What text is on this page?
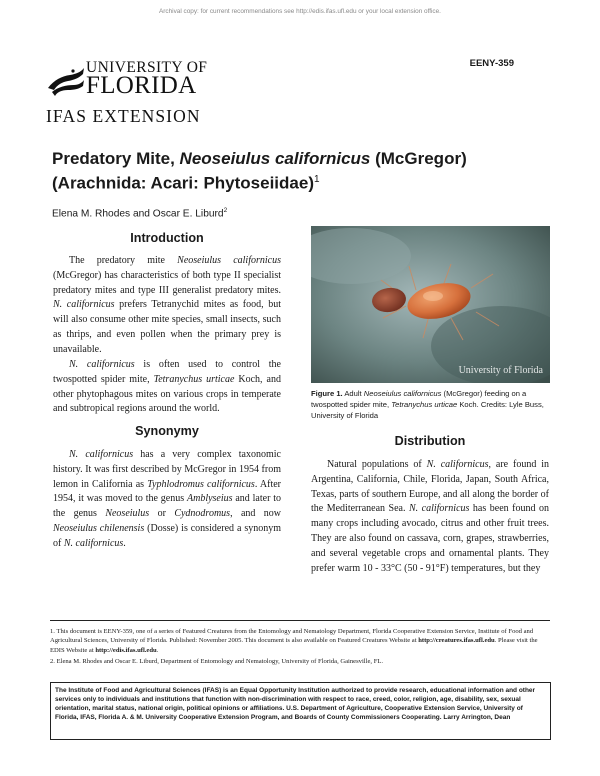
Archival copy: for current recommendations see http://edis.ifas.ufl.edu or your local extension office.
UNIVERSITY OF
FLORIDA
IFAS EXTENSION
EENY-359
Predatory Mite, Neoseiulus californicus (McGregor)
(Arachnida: Acari: Phytoseiidae)$^1$
Elena M. Rhodes and Oscar E. Liburd$^2$
Introduction

The predatory mite Neoseiulus californicus (McGregor) has characteristics of both type II specialist predatory mites and type III generalist predatory mites. N. californicus prefers Tetranychid mites as food, but will also consume other mite species, small insects, such as thrips, and even pollen when the primary prey is unavailable.

N. californicus is often used to control the twospotted spider mite, Tetranychus urticae Koch, and other phytophagous mites on various crops in temperate and subtropical regions around the world.

Synonymy

N. californicus has a very complex taxonomic history. It was first described by McGregor in 1954 from lemon in California as Typhlodromus californicus. After 1954, it was moved to the genus Amblyseius and later to the genus Neoseiulus or Cydnodromus, and now Neoseiulus chilenensis (Dosse) is considered a synonym of N. californicus.

University of Florida
Figure 1. Adult Neoseiulus californicus (McGregor) feeding on a twospotted spider mite, Tetranychus urticae Koch. Credits: Lyle Buss, University of Florida
Distribution

Natural populations of N. californicus, are found in Argentina, California, Chile, Florida, Japan, South Africa, Texas, parts of southern Europe, and all along the border of the Mediterranean Sea. N. californicus has been found on many crops including avocado, citrus and other fruit trees. They are also found on cassava, corn, grapes, strawberries, and several vegetable crops and ornamental plants. They prefer warm 10 - 33°C (50 - 91°F) temperatures, but they

1. This document is EENY-359, one of a series of Featured Creatures from the Entomology and Nematology Department, Florida Cooperative Extension Service, Institute of Food and Agricultural Sciences, University of Florida. Published: November 2005. This document is also available on Featured Creatures Website at http://creatures.ifas.ufl.edu. Please visit the EDIS Website at http://edis.ifas.ufl.edu.

2. Elena M. Rhodes and Oscar E. Liburd, Department of Entomology and Nematology, University of Florida, Gainesville, FL.

The Institute of Food and Agricultural Sciences (IFAS) is an Equal Opportunity Institution authorized to provide research, educational information and other services only to individuals and institutions that function with non-discrimination with respect to race, creed, color, religion, age, disability, sex, sexual orientation, marital status, national origin, political opinions or affiliations. U.S. Department of Agriculture, Cooperative Extension Service, University of Florida, IFAS, Florida A. & M. University Cooperative Extension Program, and Boards of County Commissioners Cooperating. Larry Arrington, Dean
